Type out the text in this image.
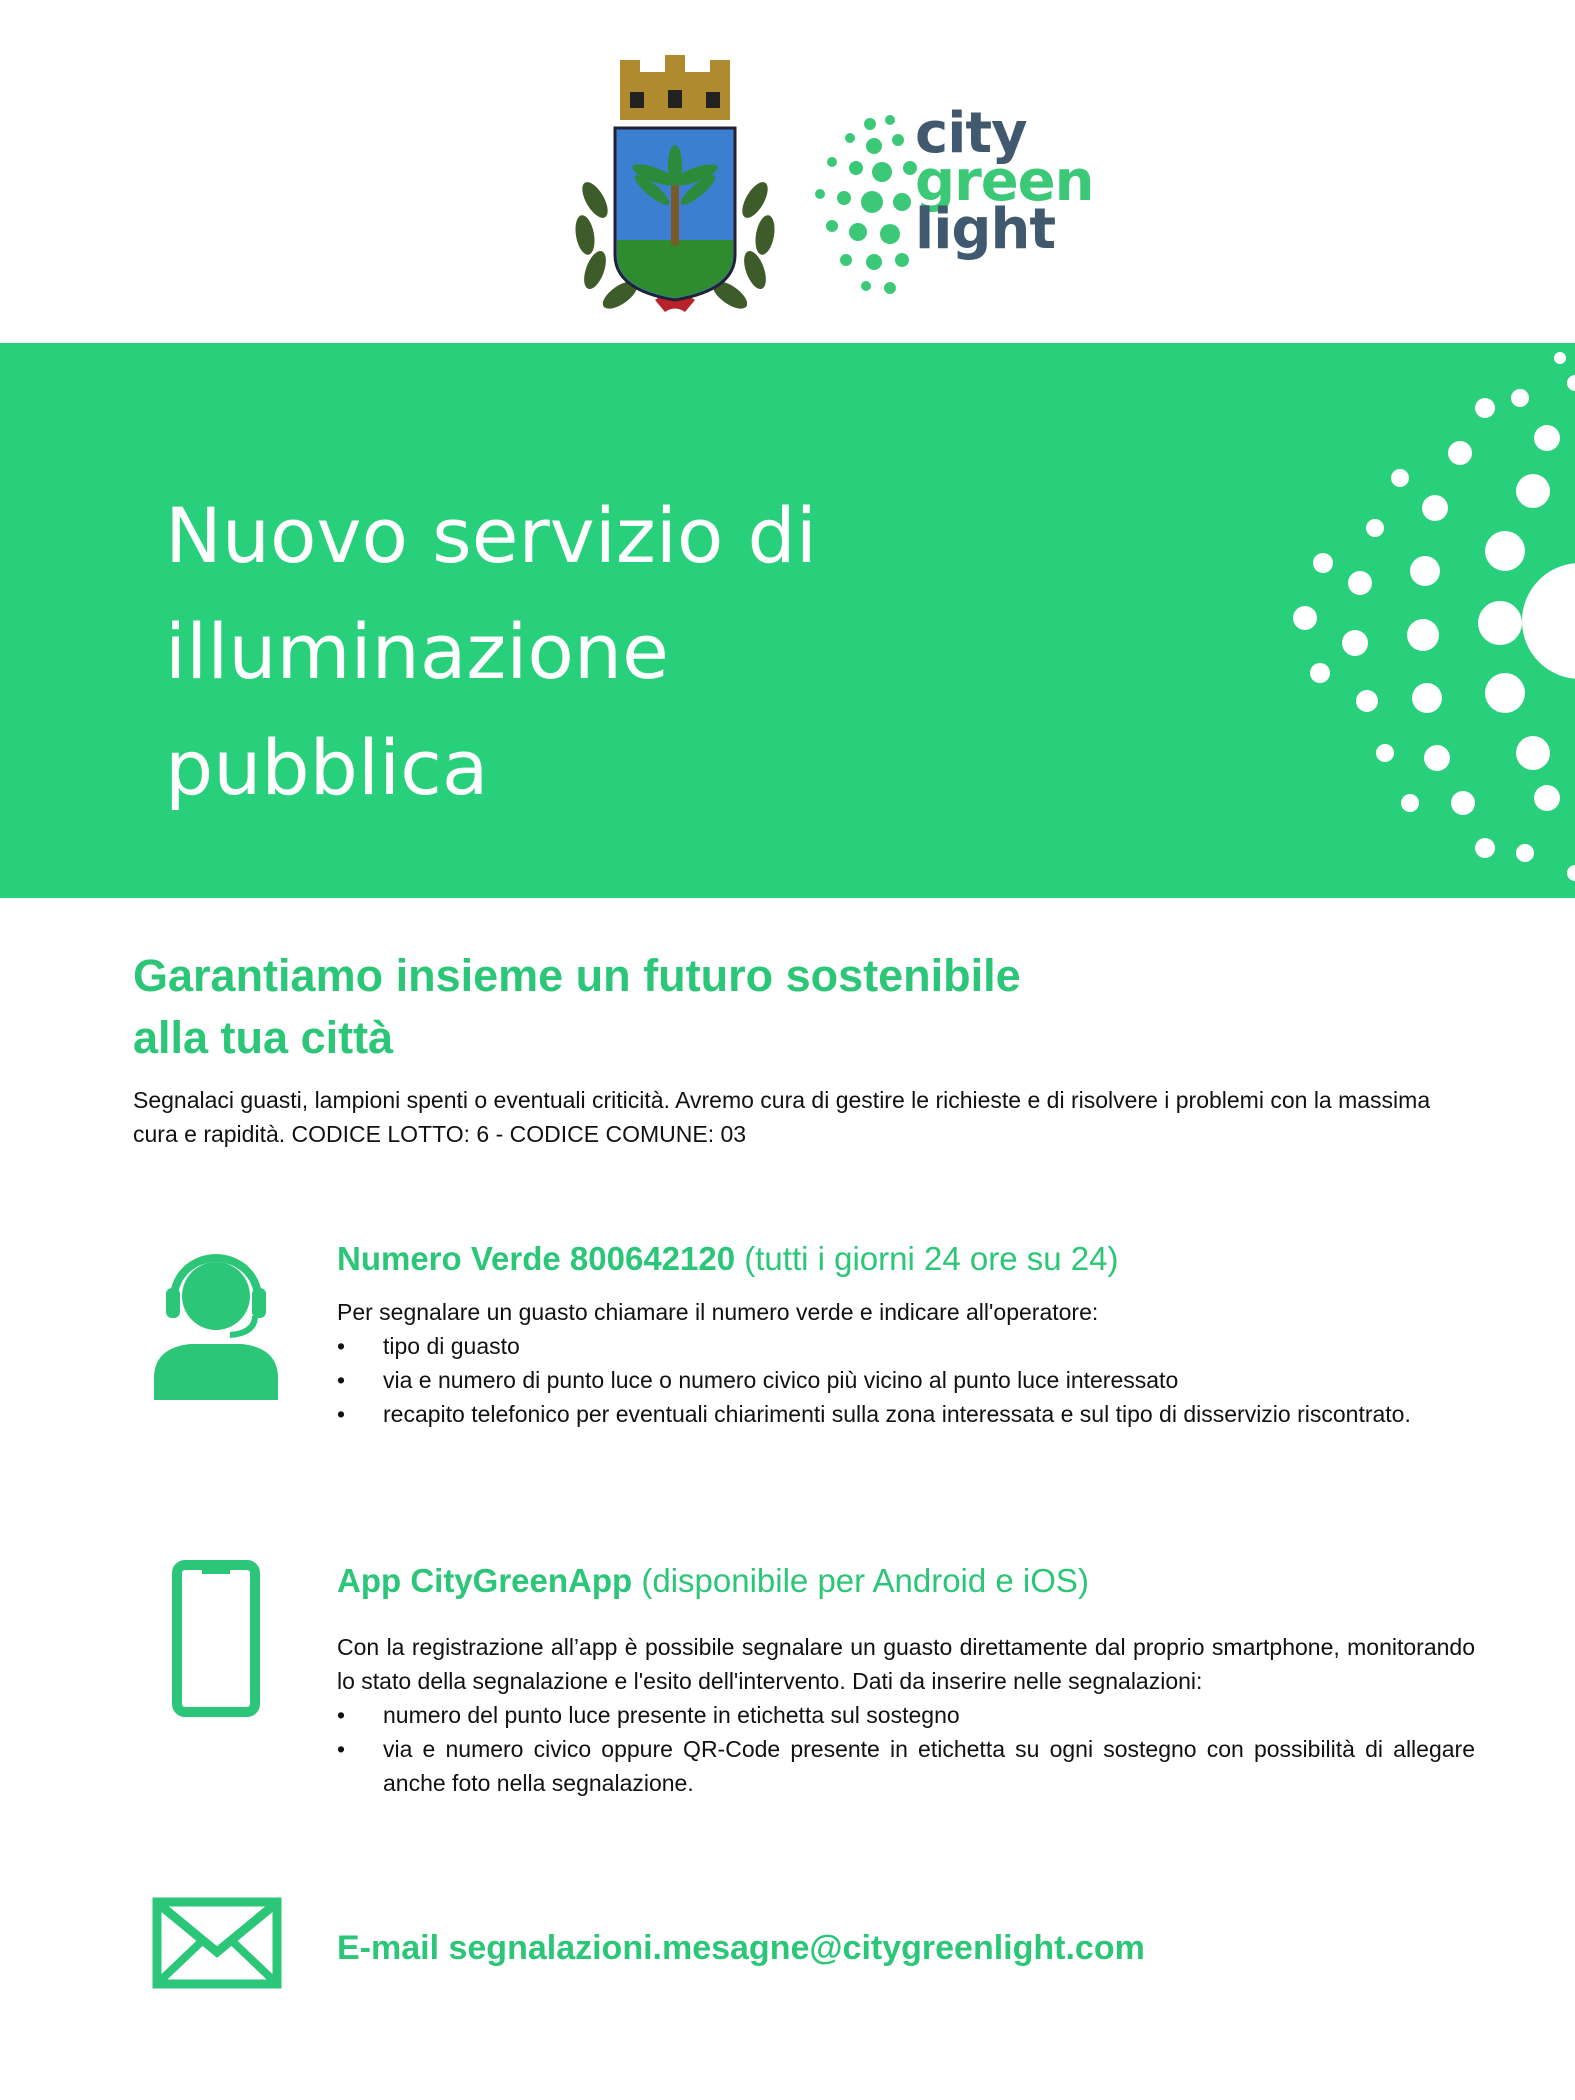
city
green
light
Nuovo servizio di
illuminazione
pubblica
Garantiamo insieme un futuro sostenibile
alla tua città
Segnalaci guasti, lampioni spenti o eventuali criticità. Avremo cura di gestire le richieste e di risolvere i problemi con la massima cura e rapidità. CODICE LOTTO: 6 - CODICE COMUNE: 03
Numero Verde 800642120 (tutti i giorni 24 ore su 24)

Per segnalare un guasto chiamare il numero verde e indicare all'operatore:

• tipo di guasto
• via e numero di punto luce o numero civico più vicino al punto luce interessato
• recapito telefonico per eventuali chiarimenti sulla zona interessata e sul tipo di disservizio riscontrato.
App CityGreenApp (disponibile per Android e iOS)

Con la registrazione all’app è possibile segnalare un guasto direttamente dal proprio smartphone, monitorando lo stato della segnalazione e l'esito dell'intervento. Dati da inserire nelle segnalazioni:

• numero del punto luce presente in etichetta sul sostegno
• via e numero civico oppure QR-Code presente in etichetta su ogni sostegno con possibilità di allegare anche foto nella segnalazione.
E-mail segnalazioni.mesagne@citygreenlight.com
